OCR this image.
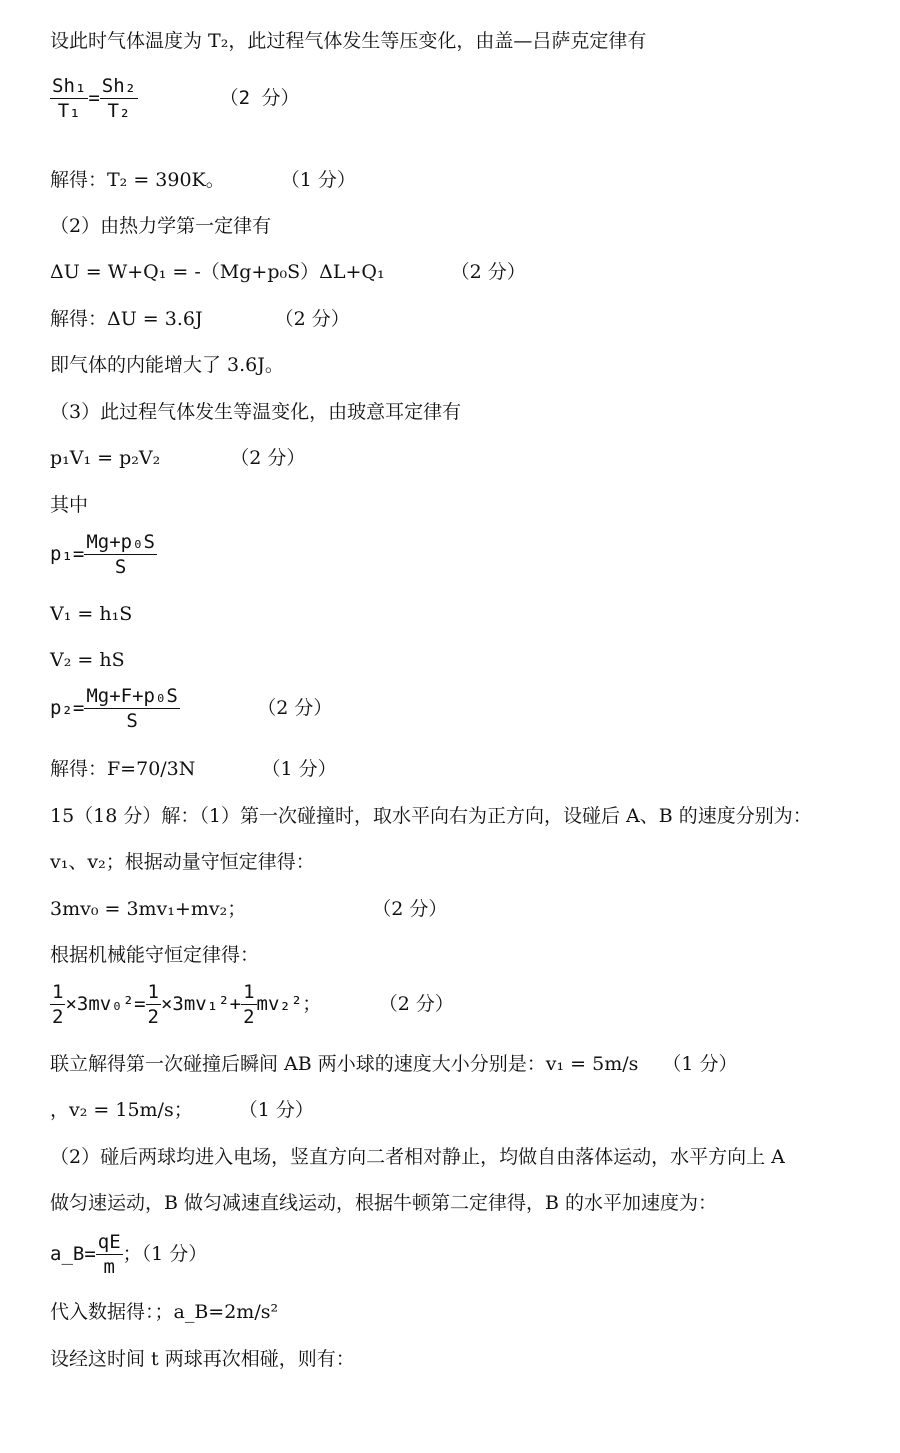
设此时气体温度为 T₂，此过程气体发生等压变化，由盖—吕萨克定律有
$\frac{\text{Sh₁}}{\text{T₁}} = \frac{\text{Sh₂}}{\text{T₂}}$	（2 分）
解得：T₂ = 390K。	（1 分）
（2）由热力学第一定律有
ΔU = W+Q₁ = -（Mg+p₀S）ΔL+Q₁	（2 分）
解得：ΔU = 3.6J	（2 分）
即气体的内能增大了 3.6J。
（3）此过程气体发生等温变化，由玻意耳定律有
p₁V₁ = p₂V₂	（2 分）
其中
$p_1= \frac{\text{Mg+p₀S}}{S}$
V₁ = h₁S
V₂ = hS
$p_2= \frac{\text{Mg+F+p₀S}}{S}$	（2 分）
解得：F=70/3N	（1 分）
15（18 分）解：（1）第一次碰撞时，取水平向右为正方向，设碰后 A、B 的速度分别为：
v₁、v₂；根据动量守恒定律得：
3mv₀ = 3mv₁+mv₂；	（2 分）
根据机械能守恒定律得：
$\frac{1}{2} \times 3mv_0^2= \frac{1}{2} \times 3mv_1^2+ \frac{1}{2} mv_2^2$；	（2 分）
联立解得第一次碰撞后瞬间 AB 两小球的速度大小分别是：v₁ = 5m/s （1 分）
，v₂ = 15m/s； （1 分）
（2）碰后两球均进入电场，竖直方向二者相对静止，均做自由落体运动，水平方向上 A
做匀速运动，B 做匀减速直线运动，根据牛顿第二定律得，B 的水平加速度为：
a_B= $\frac{qE}{m}$ ；（1 分）
代入数据得：；a_B=2m/s²
设经这时间 t 两球再次相碰，则有：
